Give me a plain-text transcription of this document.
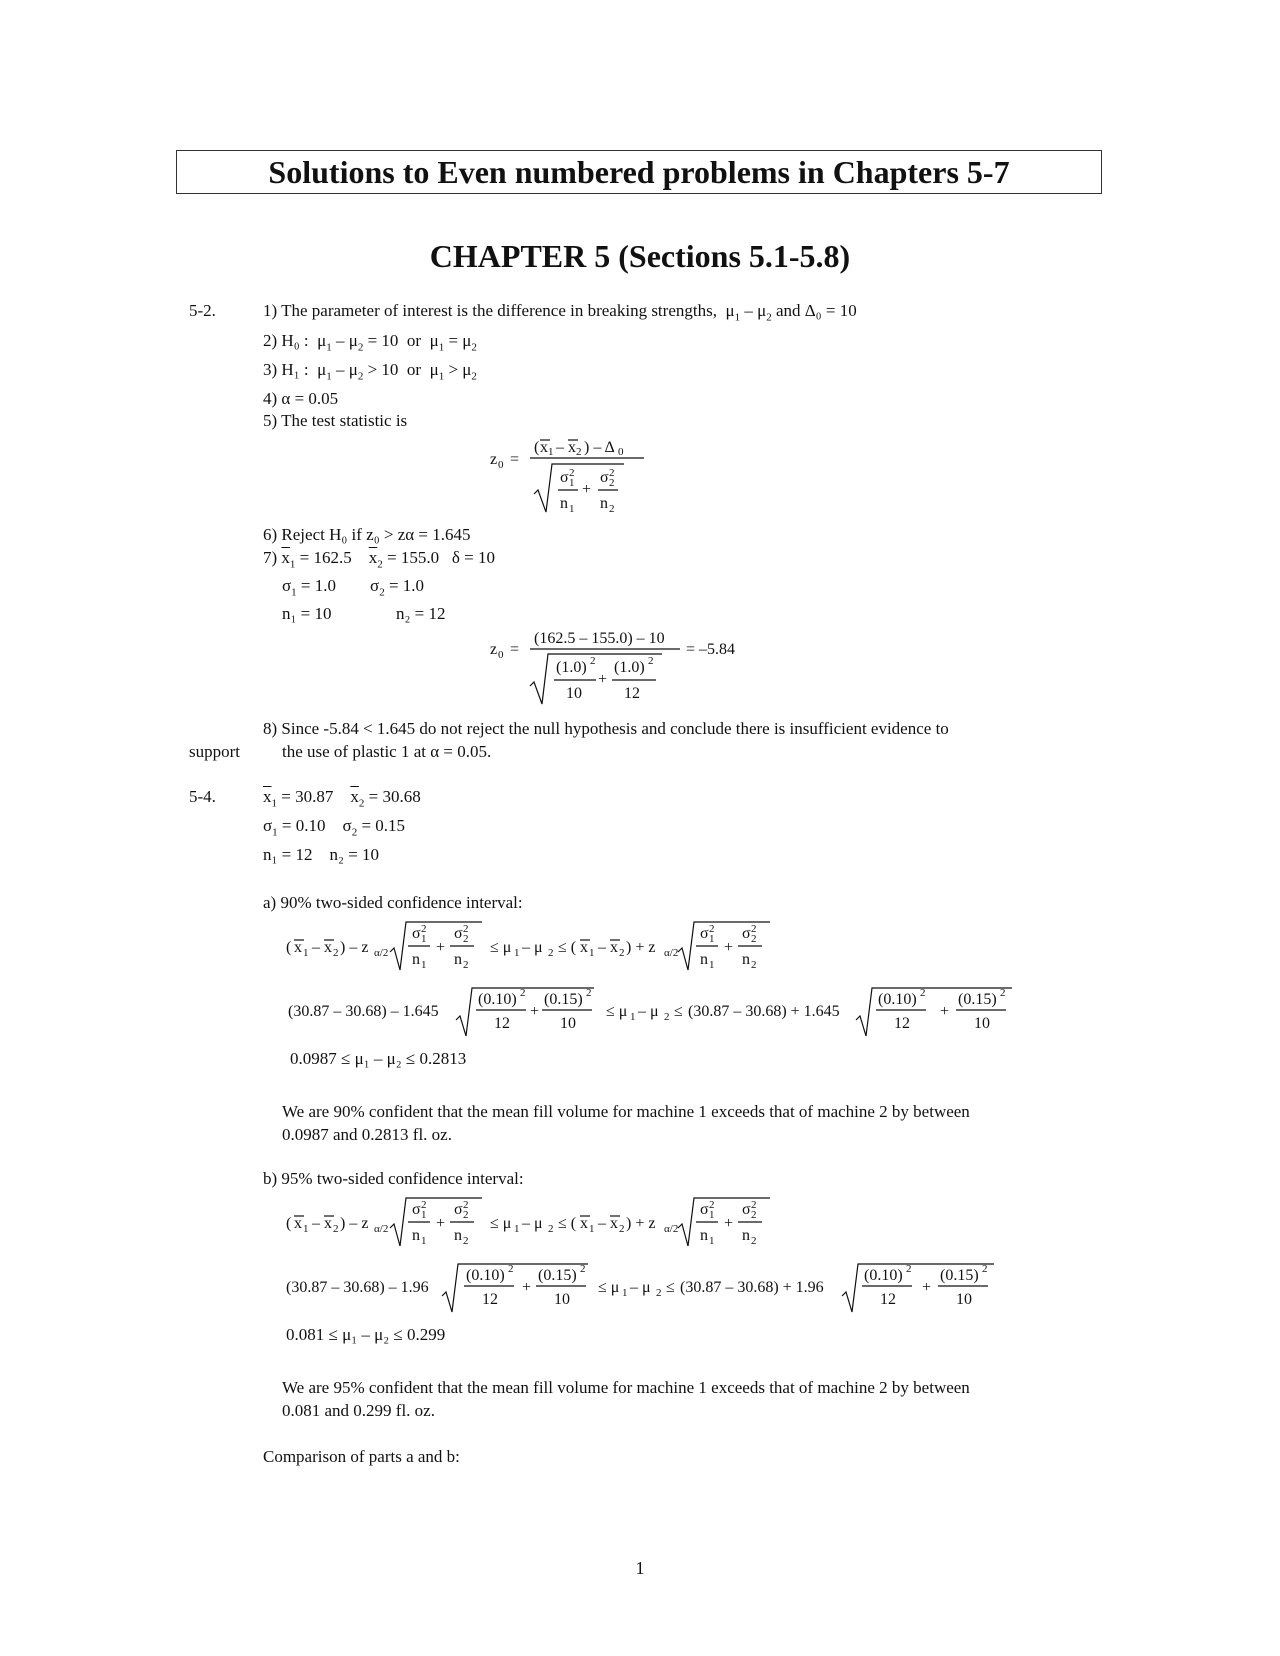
Solutions to Even numbered problems in Chapters 5-7
CHAPTER 5 (Sections 5.1-5.8)
5-2.	1) The parameter of interest is the difference in breaking strengths,  $\mu_1 - \mu_2$ and Δ₀ = 10
2) H₀ :  $\mu_1 - \mu_2 = 10$  or  $\mu_1 = \mu_2$
3) H₁ :  $\mu_1 - \mu_2 > 10$  or  $\mu_1 > \mu_2$
4) α = 0.05
5) The test statistic is
z 0 =
( x 1 – x 2 ) – Δ 0
σ 2
1
n 1
+
σ 2
2
n 2
6) Reject H₀ if z₀ > zα = 1.645
7) $\overline{x}_1 = 162.5$ $\overline{x}_2 = 155.0$ δ = 10
$\sigma_1 = 1.0$        $\sigma_2 = 1.0$
n₁ = 10	n₂ = 12
z 0 =
(162.5 – 155.0) – 10
= –5.84
(1.0) 2
10
+
(1.0) 2
12
8) Since -5.84 < 1.645 do not reject the null hypothesis and conclude there is insufficient evidence to
support the use of plastic 1 at α = 0.05.
5-4.	$\overline{x}_1 = 30.87$ $\overline{x}_2 = 30.68$
$\sigma_1 = 0.10$    $\sigma_2 = 0.15$
n₁ = 12 n₂ = 10
a) 90% two-sided confidence interval:
( x 1 – x 2 ) – z α/2
σ 2
1
n 1
+
σ 2
2
n 2
≤ μ 1 – μ 2 ≤ ( x 1 – x 2 ) + z α/2
σ 2
1
n 1
+
σ 2
2
n 2
(30.87 – 30.68) – 1.645
(0.10) 2
12
+
(0.15) 2
10
≤ μ 1 – μ 2 ≤ (30.87 – 30.68) + 1.645
(0.10) 2
12
+
(0.15) 2
10
0.0987 ≤ μ₁ – μ₂ ≤ 0.2813
We are 90% confident that the mean fill volume for machine 1 exceeds that of machine 2 by between
0.0987 and 0.2813 fl. oz.
b) 95% two-sided confidence interval:
( x 1 – x 2 ) – z α/2
σ 2
1
n 1
+
σ 2
2
n 2
≤ μ 1 – μ 2 ≤ ( x 1 – x 2 ) + z α/2
σ 2
1
n 1
+
σ 2
2
n 2
(30.87 – 30.68) – 1.96
(0.10) 2
12
+
(0.15) 2
10
≤ μ 1 – μ 2 ≤ (30.87 – 30.68) + 1.96
(0.10) 2
12
+
(0.15) 2
10
0.081 ≤ μ₁ – μ₂ ≤ 0.299
We are 95% confident that the mean fill volume for machine 1 exceeds that of machine 2 by between
0.081 and 0.299 fl. oz.
Comparison of parts a and b:
1
